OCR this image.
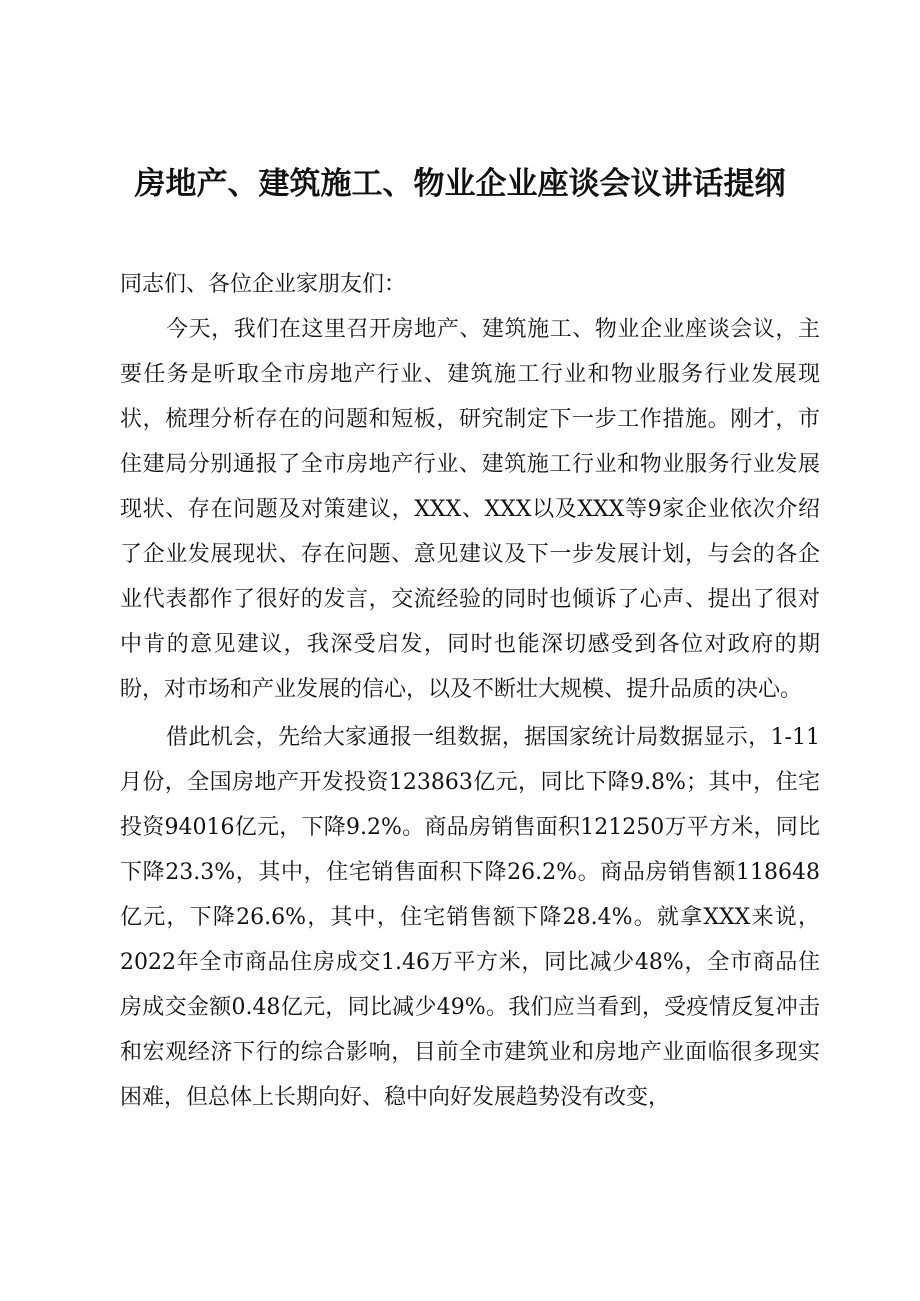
房地产、建筑施工、物业企业座谈会议讲话提纲

同志们、各位企业家朋友们：

今天，我们在这里召开房地产、建筑施工、物业企业座谈会议，主要任务是听取全市房地产行业、建筑施工行业和物业服务行业发展现状，梳理分析存在的问题和短板，研究制定下一步工作措施。刚才，市住建局分别通报了全市房地产行业、建筑施工行业和物业服务行业发展现状、存在问题及对策建议，XXX、XXX以及XXX等9家企业依次介绍了企业发展现状、存在问题、意见建议及下一步发展计划，与会的各企业代表都作了很好的发言，交流经验的同时也倾诉了心声、提出了很对中肯的意见建议，我深受启发，同时也能深切感受到各位对政府的期盼，对市场和产业发展的信心，以及不断壮大规模、提升品质的决心。

借此机会，先给大家通报一组数据，据国家统计局数据显示，1-11月份，全国房地产开发投资123863亿元，同比下降9.8%；其中，住宅投资94016亿元，下降9.2%。商品房销售面积121250万平方米，同比下降23.3%，其中，住宅销售面积下降26.2%。商品房销售额118648亿元，下降26.6%，其中，住宅销售额下降28.4%。就拿XXX来说，2022年全市商品住房成交1.46万平方米，同比减少48%，全市商品住房成交金额0.48亿元，同比减少49%。我们应当看到，受疫情反复冲击和宏观经济下行的综合影响，目前全市建筑业和房地产业面临很多现实困难，但总体上长期向好、稳中向好发展趋势没有改变，
